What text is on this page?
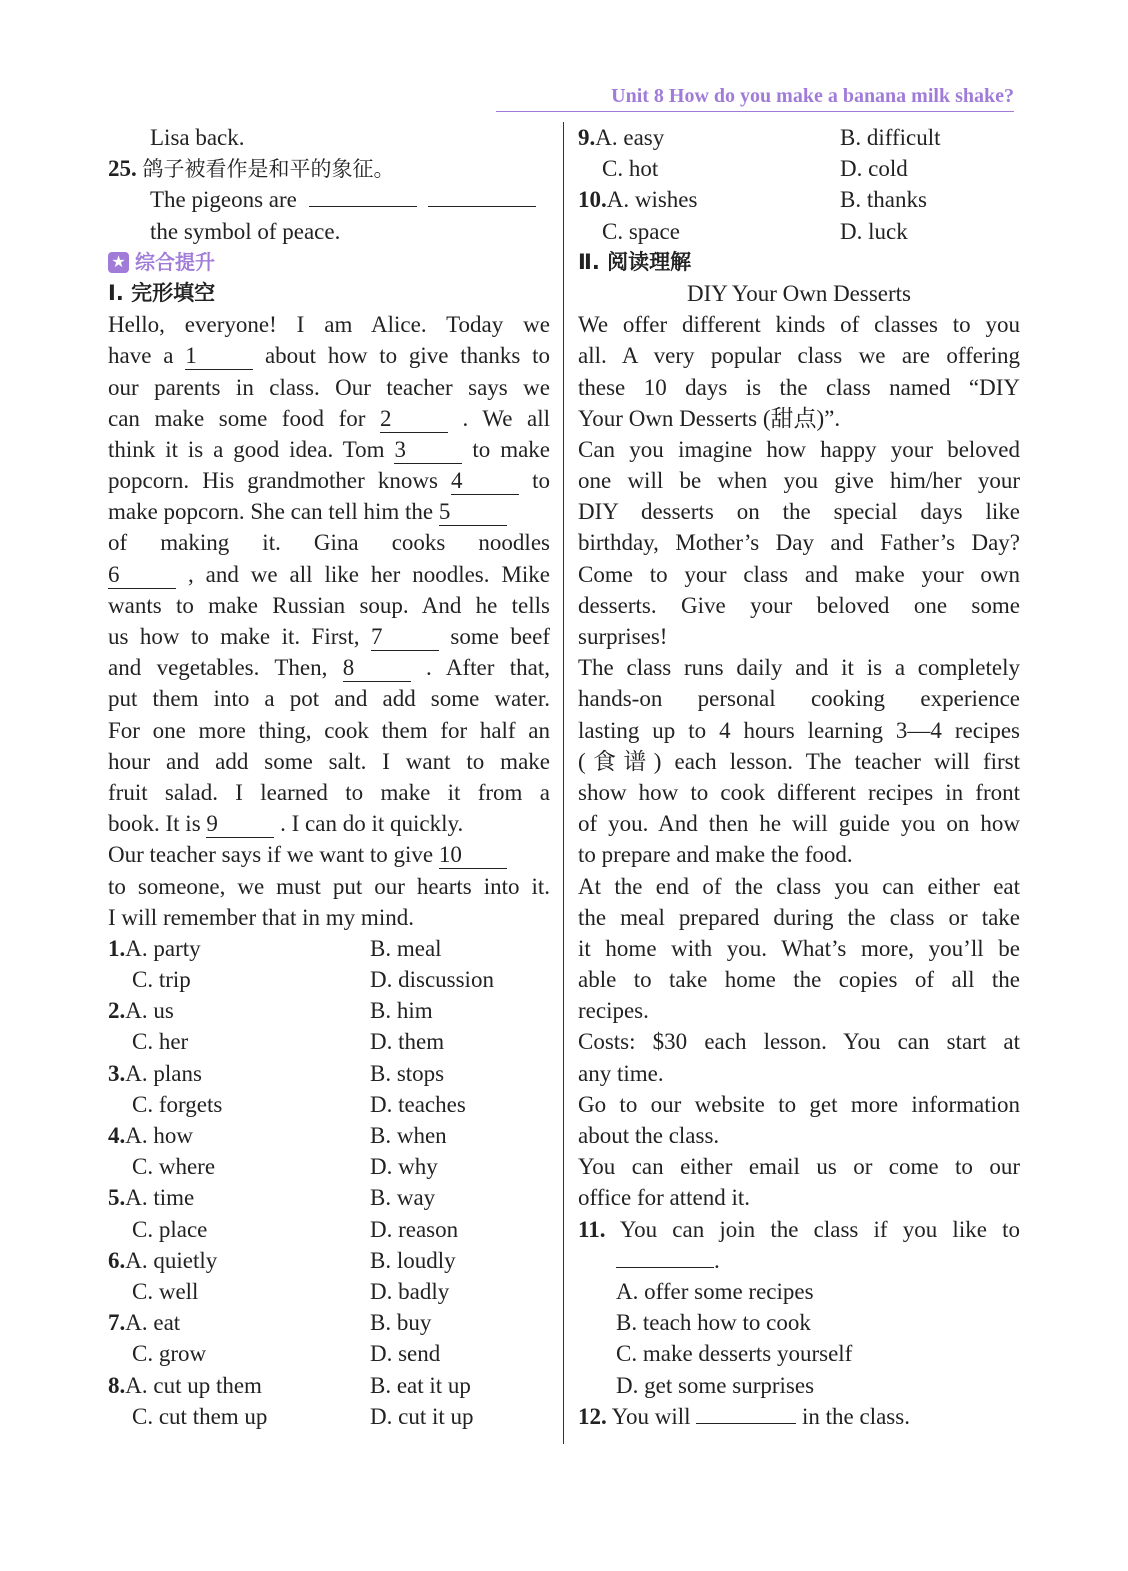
Unit 8 How do you make a banana milk shake?
Lisa back.
25. 鸽子被看作是和平的象征。
The pigeons are
the symbol of peace.
★ 综合提升
Ⅰ. 完形填空
Hello, everyone! I am Alice. Today we
have a 1	about how to give thanks to
our parents in class. Our teacher says we
can make some food for 2	. We all
think it is a good idea. Tom 3	to make
popcorn. His grandmother knows 4	to
make popcorn. She can tell him the 5
of making it. Gina cooks noodles
6	, and we all like her noodles. Mike
wants to make Russian soup. And he tells
us how to make it. First, 7	some beef
and vegetables. Then, 8	. After that,
put them into a pot and add some water.
For one more thing, cook them for half an
hour and add some salt. I want to make
fruit salad. I learned to make it from a
book. It is 9	. I can do it quickly.
Our teacher says if we want to give 10
to someone, we must put our hearts into it.
I will remember that in my mind.
1.A. party	B. meal
C. trip	D. discussion
2.A. us	B. him
C. her	D. them
3.A. plans	B. stops
C. forgets	D. teaches
4.A. how	B. when
C. where	D. why
5.A. time	B. way
C. place	D. reason
6.A. quietly	B. loudly
C. well	D. badly
7.A. eat	B. buy
C. grow	D. send
8.A. cut up them	B. eat it up
C. cut them up	D. cut it up
9.A. easy	B. difficult
C. hot	D. cold
10.A. wishes	B. thanks
C. space	D. luck
Ⅱ. 阅读理解
DIY Your Own Desserts
We offer different kinds of classes to you
all. A very popular class we are offering
these 10 days is the class named “DIY
Your Own Desserts (甜点)”.
Can you imagine how happy your beloved
one will be when you give him/her your
DIY desserts on the special days like
birthday, Mother’s Day and Father’s Day?
Come to your class and make your own
desserts. Give your beloved one some
surprises!
The class runs daily and it is a completely
hands-on personal cooking experience
lasting up to 4 hours learning 3—4 recipes
(食谱) each lesson. The teacher will first
show how to cook different recipes in front
of you. And then he will guide you on how
to prepare and make the food.
At the end of the class you can either eat
the meal prepared during the class or take
it home with you. What’s more, you’ll be
able to take home the copies of all the
recipes.
Costs: $30 each lesson. You can start at
any time.
Go to our website to get more information
about the class.
You can either email us or come to our
office for attend it.
11. You can join the class if you like to
.
A. offer some recipes
B. teach how to cook
C. make desserts yourself
D. get some surprises
12. You will	in the class.
